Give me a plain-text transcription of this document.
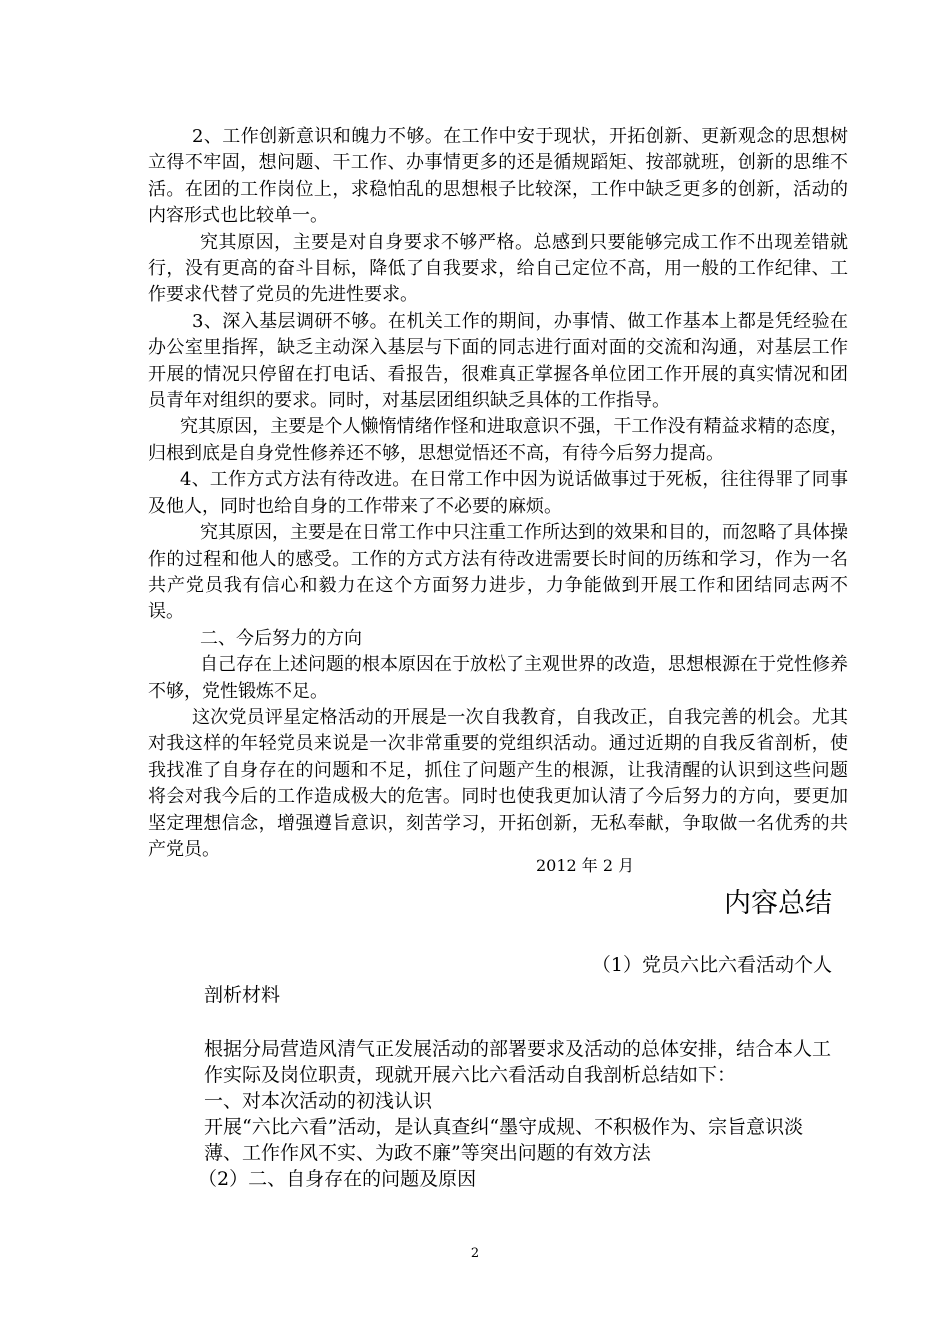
2、工作创新意识和魄力不够。在工作中安于现状，开拓创新、更新观念的思想树立得不牢固，想问题、干工作、办事情更多的还是循规蹈矩、按部就班，创新的思维不活。在团的工作岗位上，求稳怕乱的思想根子比较深，工作中缺乏更多的创新，活动的内容形式也比较单一。

究其原因，主要是对自身要求不够严格。总感到只要能够完成工作不出现差错就行，没有更高的奋斗目标，降低了自我要求，给自己定位不高，用一般的工作纪律、工作要求代替了党员的先进性要求。

3、深入基层调研不够。在机关工作的期间，办事情、做工作基本上都是凭经验在办公室里指挥，缺乏主动深入基层与下面的同志进行面对面的交流和沟通，对基层工作开展的情况只停留在打电话、看报告，很难真正掌握各单位团工作开展的真实情况和团员青年对组织的要求。同时，对基层团组织缺乏具体的工作指导。

究其原因，主要是个人懒惰情绪作怪和进取意识不强，干工作没有精益求精的态度，归根到底是自身党性修养还不够，思想觉悟还不高，有待今后努力提高。

4、工作方式方法有待改进。在日常工作中因为说话做事过于死板，往往得罪了同事及他人，同时也给自身的工作带来了不必要的麻烦。

究其原因，主要是在日常工作中只注重工作所达到的效果和目的，而忽略了具体操作的过程和他人的感受。工作的方式方法有待改进需要长时间的历练和学习，作为一名共产党员我有信心和毅力在这个方面努力进步，力争能做到开展工作和团结同志两不误。

二、今后努力的方向

自己存在上述问题的根本原因在于放松了主观世界的改造，思想根源在于党性修养不够，党性锻炼不足。

这次党员评星定格活动的开展是一次自我教育，自我改正，自我完善的机会。尤其对我这样的年轻党员来说是一次非常重要的党组织活动。通过近期的自我反省剖析，使我找准了自身存在的问题和不足，抓住了问题产生的根源，让我清醒的认识到这些问题将会对我今后的工作造成极大的危害。同时也使我更加认清了今后努力的方向，要更加坚定理想信念，增强遵旨意识，刻苦学习，开拓创新，无私奉献，争取做一名优秀的共产党员。

2012 年 2 月
内容总结

（1）党员六比六看活动个人

剖析材料

根据分局营造风清气正发展活动的部署要求及活动的总体安排，结合本人工作实际及岗位职责，现就开展六比六看活动自我剖析总结如下：

一、对本次活动的初浅认识

开展“六比六看”活动，是认真查纠“墨守成规、不积极作为、宗旨意识淡薄、工作作风不实、为政不廉”等突出问题的有效方法

（2）二、自身存在的问题及原因

2
